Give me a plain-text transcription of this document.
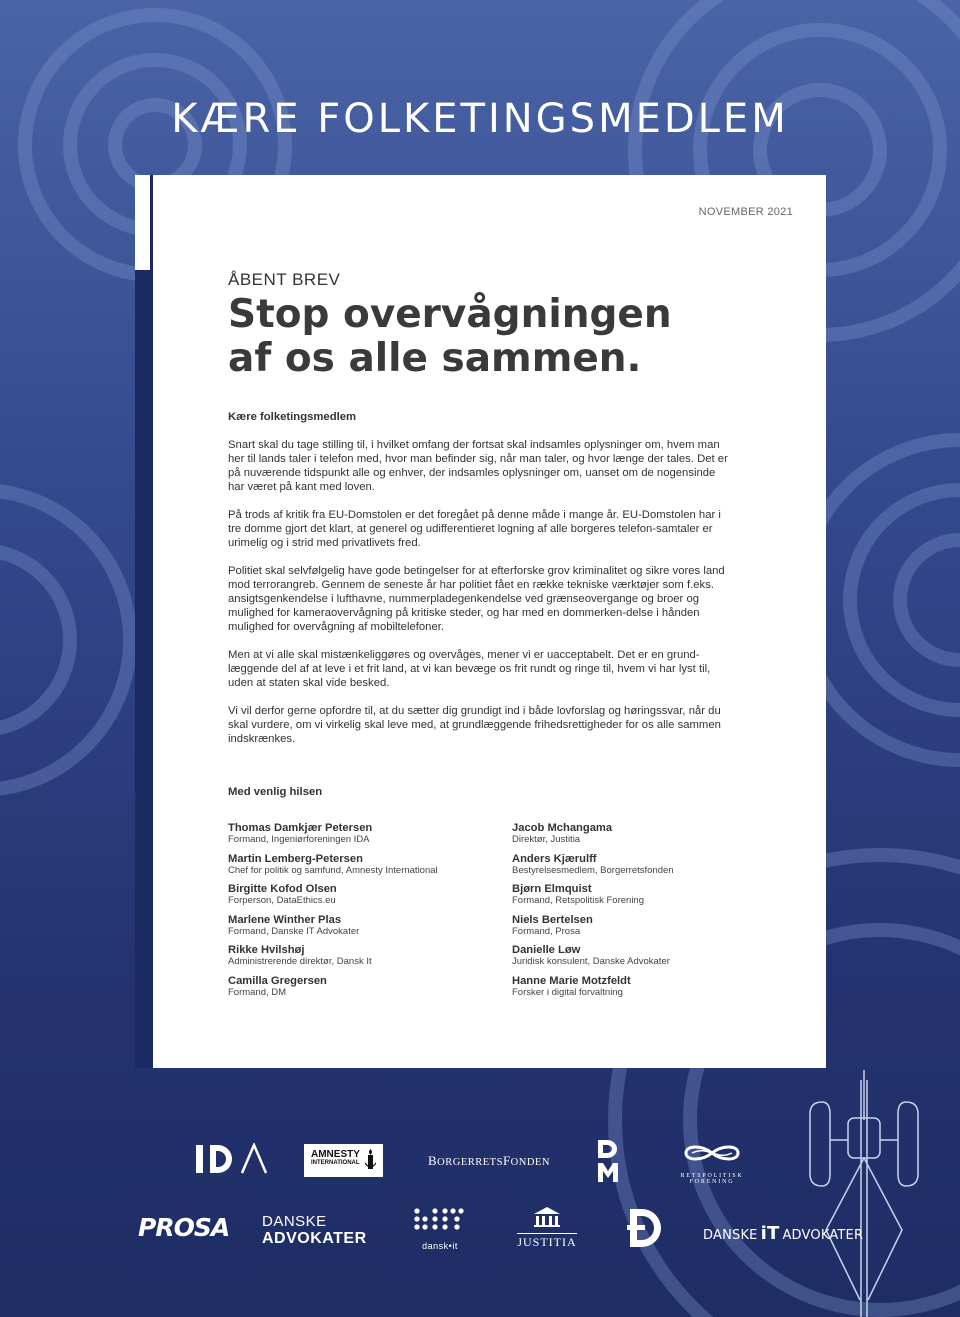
KÆRE FOLKETINGSMEDLEM
NOVEMBER 2021
ÅBENT BREV
Stop overvågningen
af os alle sammen.
Kære folketingsmedlem

Snart skal du tage stilling til, i hvilket omfang der fortsat skal indsamles oplysninger om, hvem man her til lands taler i telefon med, hvor man befinder sig, når man taler, og hvor længe der tales. Det er på nuværende tidspunkt alle og enhver, der indsamles oplysninger om, uanset om de nogensinde har været på kant med loven.

På trods af kritik fra EU-Domstolen er det foregået på denne måde i mange år. EU-Domstolen har i tre domme gjort det klart, at generel og udifferentieret logning af alle borgeres telefon-samtaler er urimelig og i strid med privatlivets fred.

Politiet skal selvfølgelig have gode betingelser for at efterforske grov kriminalitet og sikre vores land mod terrorangreb. Gennem de seneste år har politiet fået en række tekniske værktøjer som f.eks. ansigtsgenkendelse i lufthavne, nummerpladegenkendelse ved grænseovergange og broer og mulighed for kameraovervågning på kritiske steder, og har med en dommerken-delse i hånden mulighed for overvågning af mobiltelefoner.

Men at vi alle skal mistænkeliggøres og overvåges, mener vi er uacceptabelt. Det er en grund-læggende del af at leve i et frit land, at vi kan bevæge os frit rundt og ringe til, hvem vi har lyst til, uden at staten skal vide besked.

Vi vil derfor gerne opfordre til, at du sætter dig grundigt ind i både lovforslag og høringssvar, når du skal vurdere, om vi virkelig skal leve med, at grundlæggende frihedsrettigheder for os alle sammen indskrænkes.

Med venlig hilsen
Thomas Damkjær Petersen
Formand, Ingeniørforeningen IDA
Martin Lemberg-Petersen
Chef for politik og samfund, Amnesty International
Birgitte Kofod Olsen
Forperson, DataEthics.eu
Marlene Winther Plas
Formand, Danske IT Advokater
Rikke Hvilshøj
Administrerende direktør, Dansk It
Camilla Gregersen
Formand, DM
Jacob Mchangama
Direktør, Justitia
Anders Kjærulff
Bestyrelsesmedlem, Borgerretsfonden
Bjørn Elmquist
Formand, Retspolitisk Forening
Niels Bertelsen
Formand, Prosa
Danielle Løw
Juridisk konsulent, Danske Advokater
Hanne Marie Motzfeldt
Forsker i digital forvaltning
AMNESTY
INTERNATIONAL	BORGERRETSFONDEN
RETSPOLITISK FORENING
PROSA DANSKE
ADVOKATER	dansk•it	JUSTITIA	DANSKE iT ADVOKATER
